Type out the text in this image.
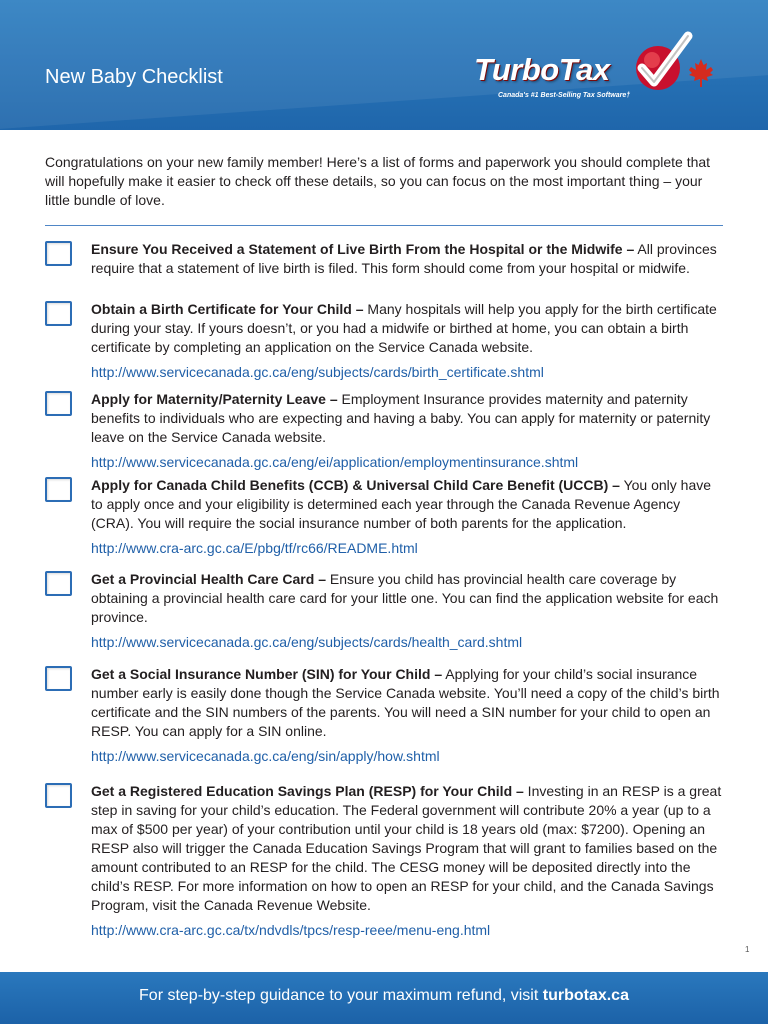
New Baby Checklist	TurboTax
Canada's #1 Best-Selling Tax Software†

Congratulations on your new family member! Here’s a list of forms and paperwork you should complete that will hopefully make it easier to check off these details, so you can focus on the most important thing – your little bundle of love.

Ensure You Received a Statement of Live Birth From the Hospital or the Midwife – All provinces require that a statement of live birth is filed. This form should come from your hospital or midwife.

Obtain a Birth Certificate for Your Child – Many hospitals will help you apply for the birth certificate during your stay. If yours doesn’t, or you had a midwife or birthed at home, you can obtain a birth certificate by completing an application on the Service Canada website.

http://www.servicecanada.gc.ca/eng/subjects/cards/birth_certificate.shtml

Apply for Maternity/Paternity Leave – Employment Insurance provides maternity and paternity benefits to individuals who are expecting and having a baby. You can apply for maternity or paternity leave on the Service Canada website.

http://www.servicecanada.gc.ca/eng/ei/application/employmentinsurance.shtml

Apply for Canada Child Benefits (CCB) & Universal Child Care Benefit (UCCB) – You only have to apply once and your eligibility is determined each year through the Canada Revenue Agency (CRA). You will require the social insurance number of both parents for the application.

http://www.cra-arc.gc.ca/E/pbg/tf/rc66/README.html

Get a Provincial Health Care Card – Ensure you child has provincial health care coverage by obtaining a provincial health care card for your little one. You can find the application website for each province.

http://www.servicecanada.gc.ca/eng/subjects/cards/health_card.shtml

Get a Social Insurance Number (SIN) for Your Child – Applying for your child’s social insurance number early is easily done though the Service Canada website. You’ll need a copy of the child’s birth certificate and the SIN numbers of the parents. You will need a SIN number for your child to open an RESP. You can apply for a SIN online.

http://www.servicecanada.gc.ca/eng/sin/apply/how.shtml

Get a Registered Education Savings Plan (RESP) for Your Child – Investing in an RESP is a great step in saving for your child’s education. The Federal government will contribute 20% a year (up to a max of $500 per year) of your contribution until your child is 18 years old (max: $7200). Opening an RESP also will trigger the Canada Education Savings Program that will grant to families based on the amount contributed to an RESP for the child. The CESG money will be deposited directly into the child’s RESP. For more information on how to open an RESP for your child, and the Canada Savings Program, visit the Canada Revenue Website.

http://www.cra-arc.gc.ca/tx/ndvdls/tpcs/resp-reee/menu-eng.html
1
For step-by-step guidance to your maximum refund, visit turbotax.ca
